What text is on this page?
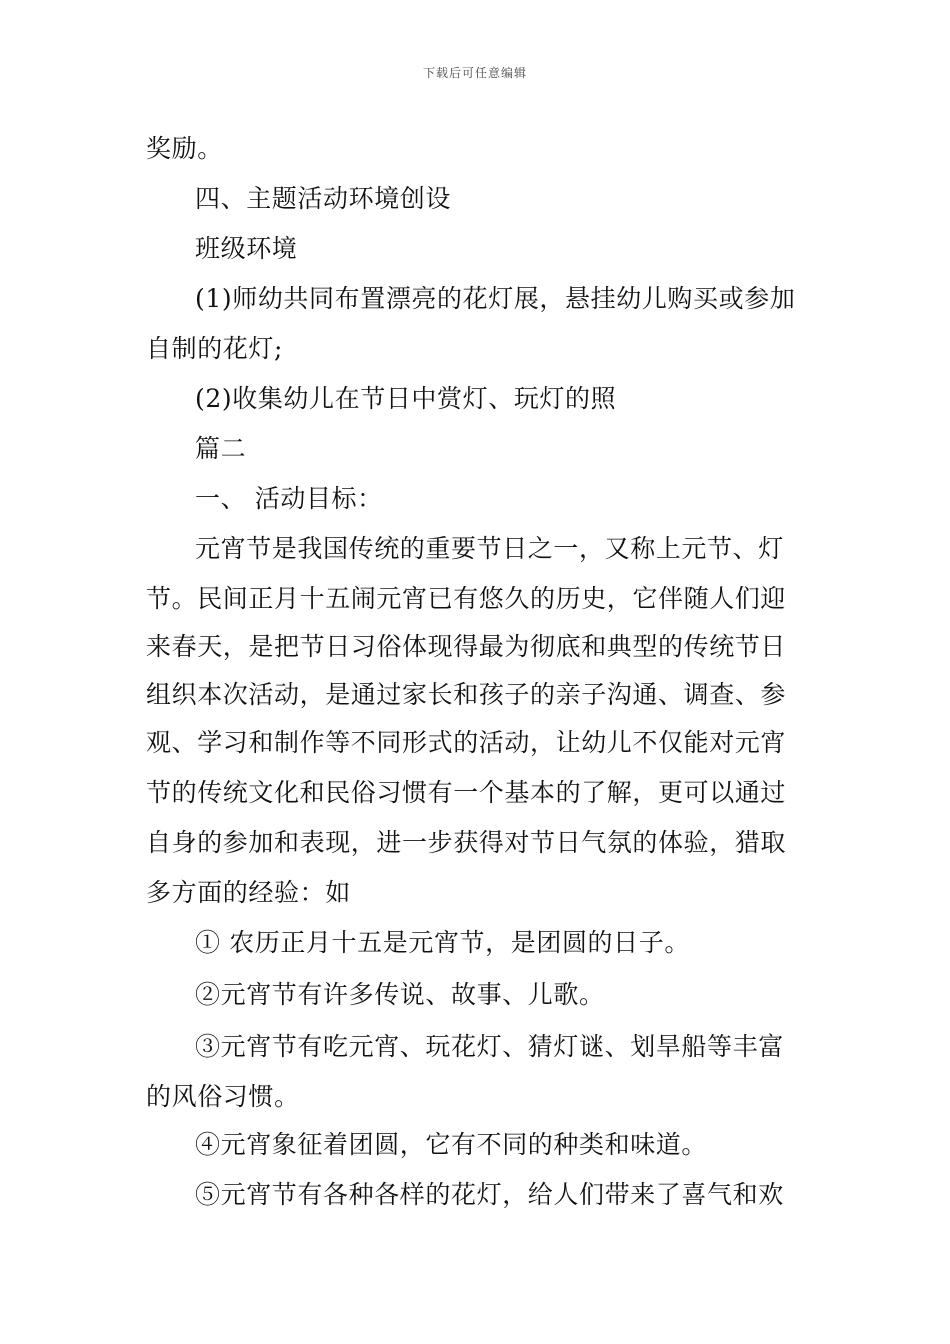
下载后可任意编辑
奖励。
四、主题活动环境创设
班级环境
(1)师幼共同布置漂亮的花灯展，悬挂幼儿购买或参加
自制的花灯;
(2)收集幼儿在节日中赏灯、玩灯的照
篇二
一、 活动目标：
元宵节是我国传统的重要节日之一，又称上元节、灯
节。民间正月十五闹元宵已有悠久的历史，它伴随人们迎
来春天，是把节日习俗体现得最为彻底和典型的传统节日
组织本次活动，是通过家长和孩子的亲子沟通、调查、参
观、学习和制作等不同形式的活动，让幼儿不仅能对元宵
节的传统文化和民俗习惯有一个基本的了解，更可以通过
自身的参加和表现，进一步获得对节日气氛的体验，猎取
多方面的经验：如
① 农历正月十五是元宵节，是团圆的日子。
②元宵节有许多传说、故事、儿歌。
③元宵节有吃元宵、玩花灯、猜灯谜、划旱船等丰富
的风俗习惯。
④元宵象征着团圆，它有不同的种类和味道。
⑤元宵节有各种各样的花灯，给人们带来了喜气和欢
